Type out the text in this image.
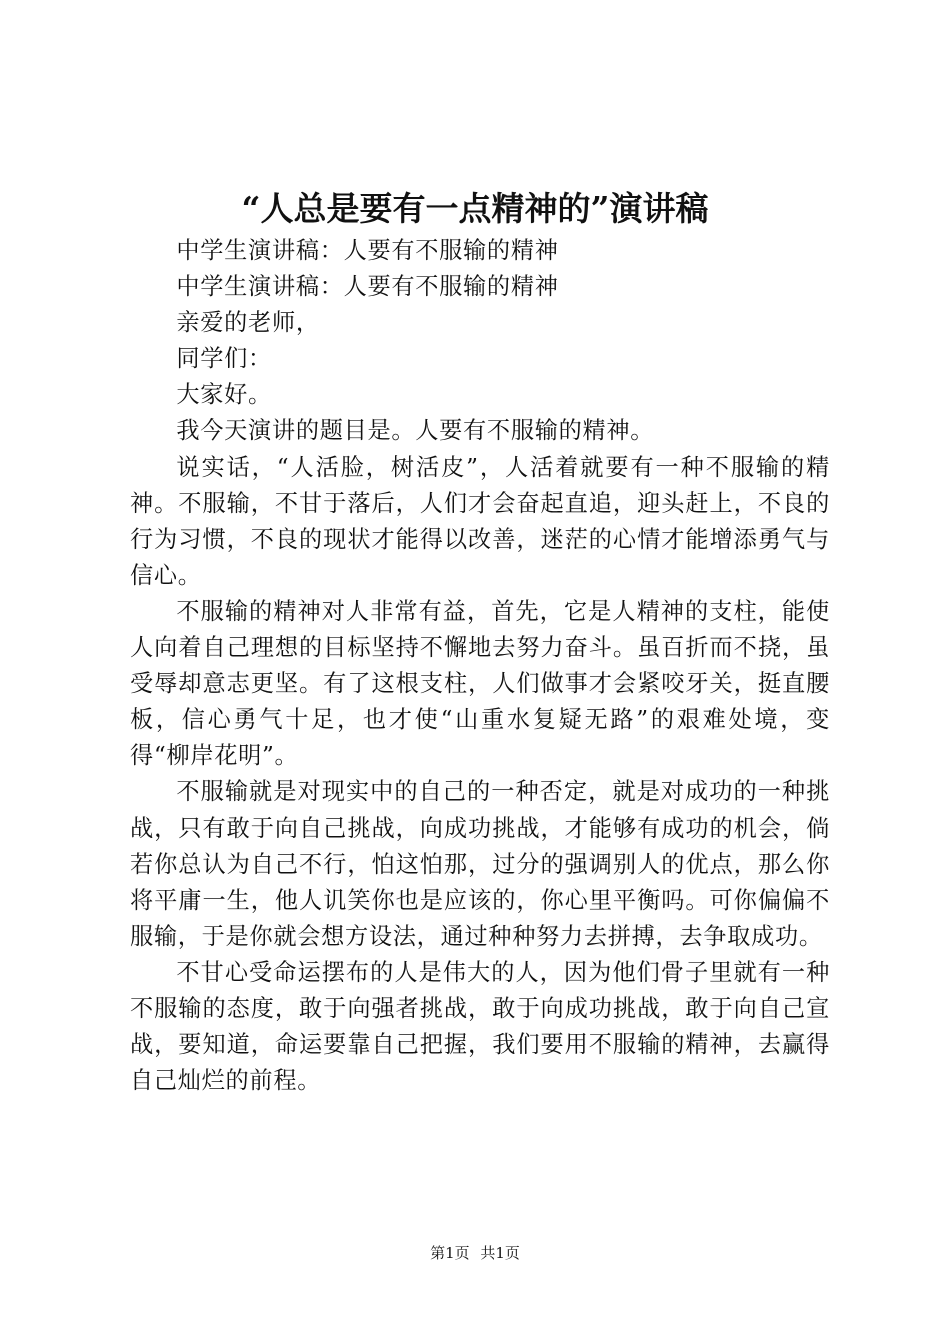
“人总是要有一点精神的”演讲稿

中学生演讲稿：人要有不服输的精神

中学生演讲稿：人要有不服输的精神

亲爱的老师，

同学们：

大家好。

我今天演讲的题目是。人要有不服输的精神。

说实话，“人活脸，树活皮”，人活着就要有一种不服输的精神。不服输，不甘于落后，人们才会奋起直追，迎头赶上，不良的行为习惯，不良的现状才能得以改善，迷茫的心情才能增添勇气与信心。

不服输的精神对人非常有益，首先，它是人精神的支柱，能使人向着自己理想的目标坚持不懈地去努力奋斗。虽百折而不挠，虽受辱却意志更坚。有了这根支柱，人们做事才会紧咬牙关，挺直腰板，信心勇气十足，也才使“山重水复疑无路”的艰难处境，变得“柳岸花明”。

不服输就是对现实中的自己的一种否定，就是对成功的一种挑战，只有敢于向自己挑战，向成功挑战，才能够有成功的机会，倘若你总认为自己不行，怕这怕那，过分的强调别人的优点，那么你将平庸一生，他人讥笑你也是应该的，你心里平衡吗。可你偏偏不服输，于是你就会想方设法，通过种种努力去拼搏，去争取成功。

不甘心受命运摆布的人是伟大的人，因为他们骨子里就有一种不服输的态度，敢于向强者挑战，敢于向成功挑战，敢于向自己宣战，要知道，命运要靠自己把握，我们要用不服输的精神，去赢得自己灿烂的前程。

第1页 共1页
